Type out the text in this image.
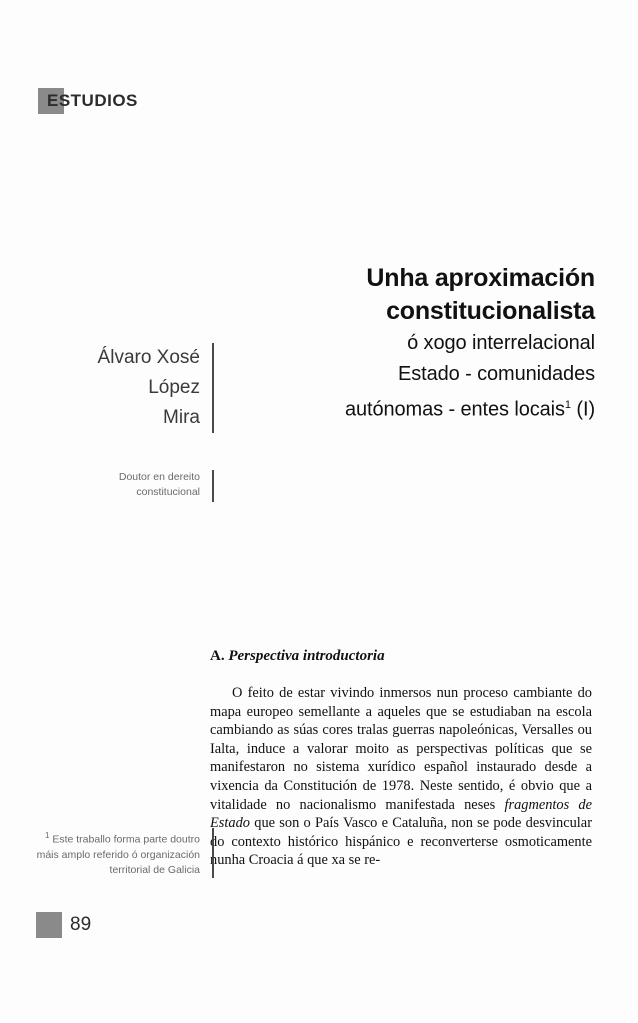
ESTUDIOS
Unha aproximación
constitucionalista
ó xogo interrelacional
Estado - comunidades
autónomas - entes locais$^1$ (I)
Álvaro Xosé
López
Mira
Doutor en dereito
constitucional
A. Perspectiva introductoria
O feito de estar vivindo inmersos nun proceso cambiante do mapa europeo semellante a aqueles que se estudiaban na escola cambiando as súas cores tralas guerras napoleónicas, Versalles ou Ialta, induce a valorar moito as perspectivas políticas que se manifestaron no sistema xurídico español instaurado desde a vixencia da Constitución de 1978. Neste sentido, é obvio que a vitalidade no nacionalismo manifestada neses fragmentos de Estado que son o País Vasco e Cataluña, non se pode desvincular do contexto histórico hispánico e reconverterse osmoticamente nunha Croacia á que xa se re-
$^1$ Este traballo forma parte doutro máis amplo referido ó organización territorial de Galicia
89
